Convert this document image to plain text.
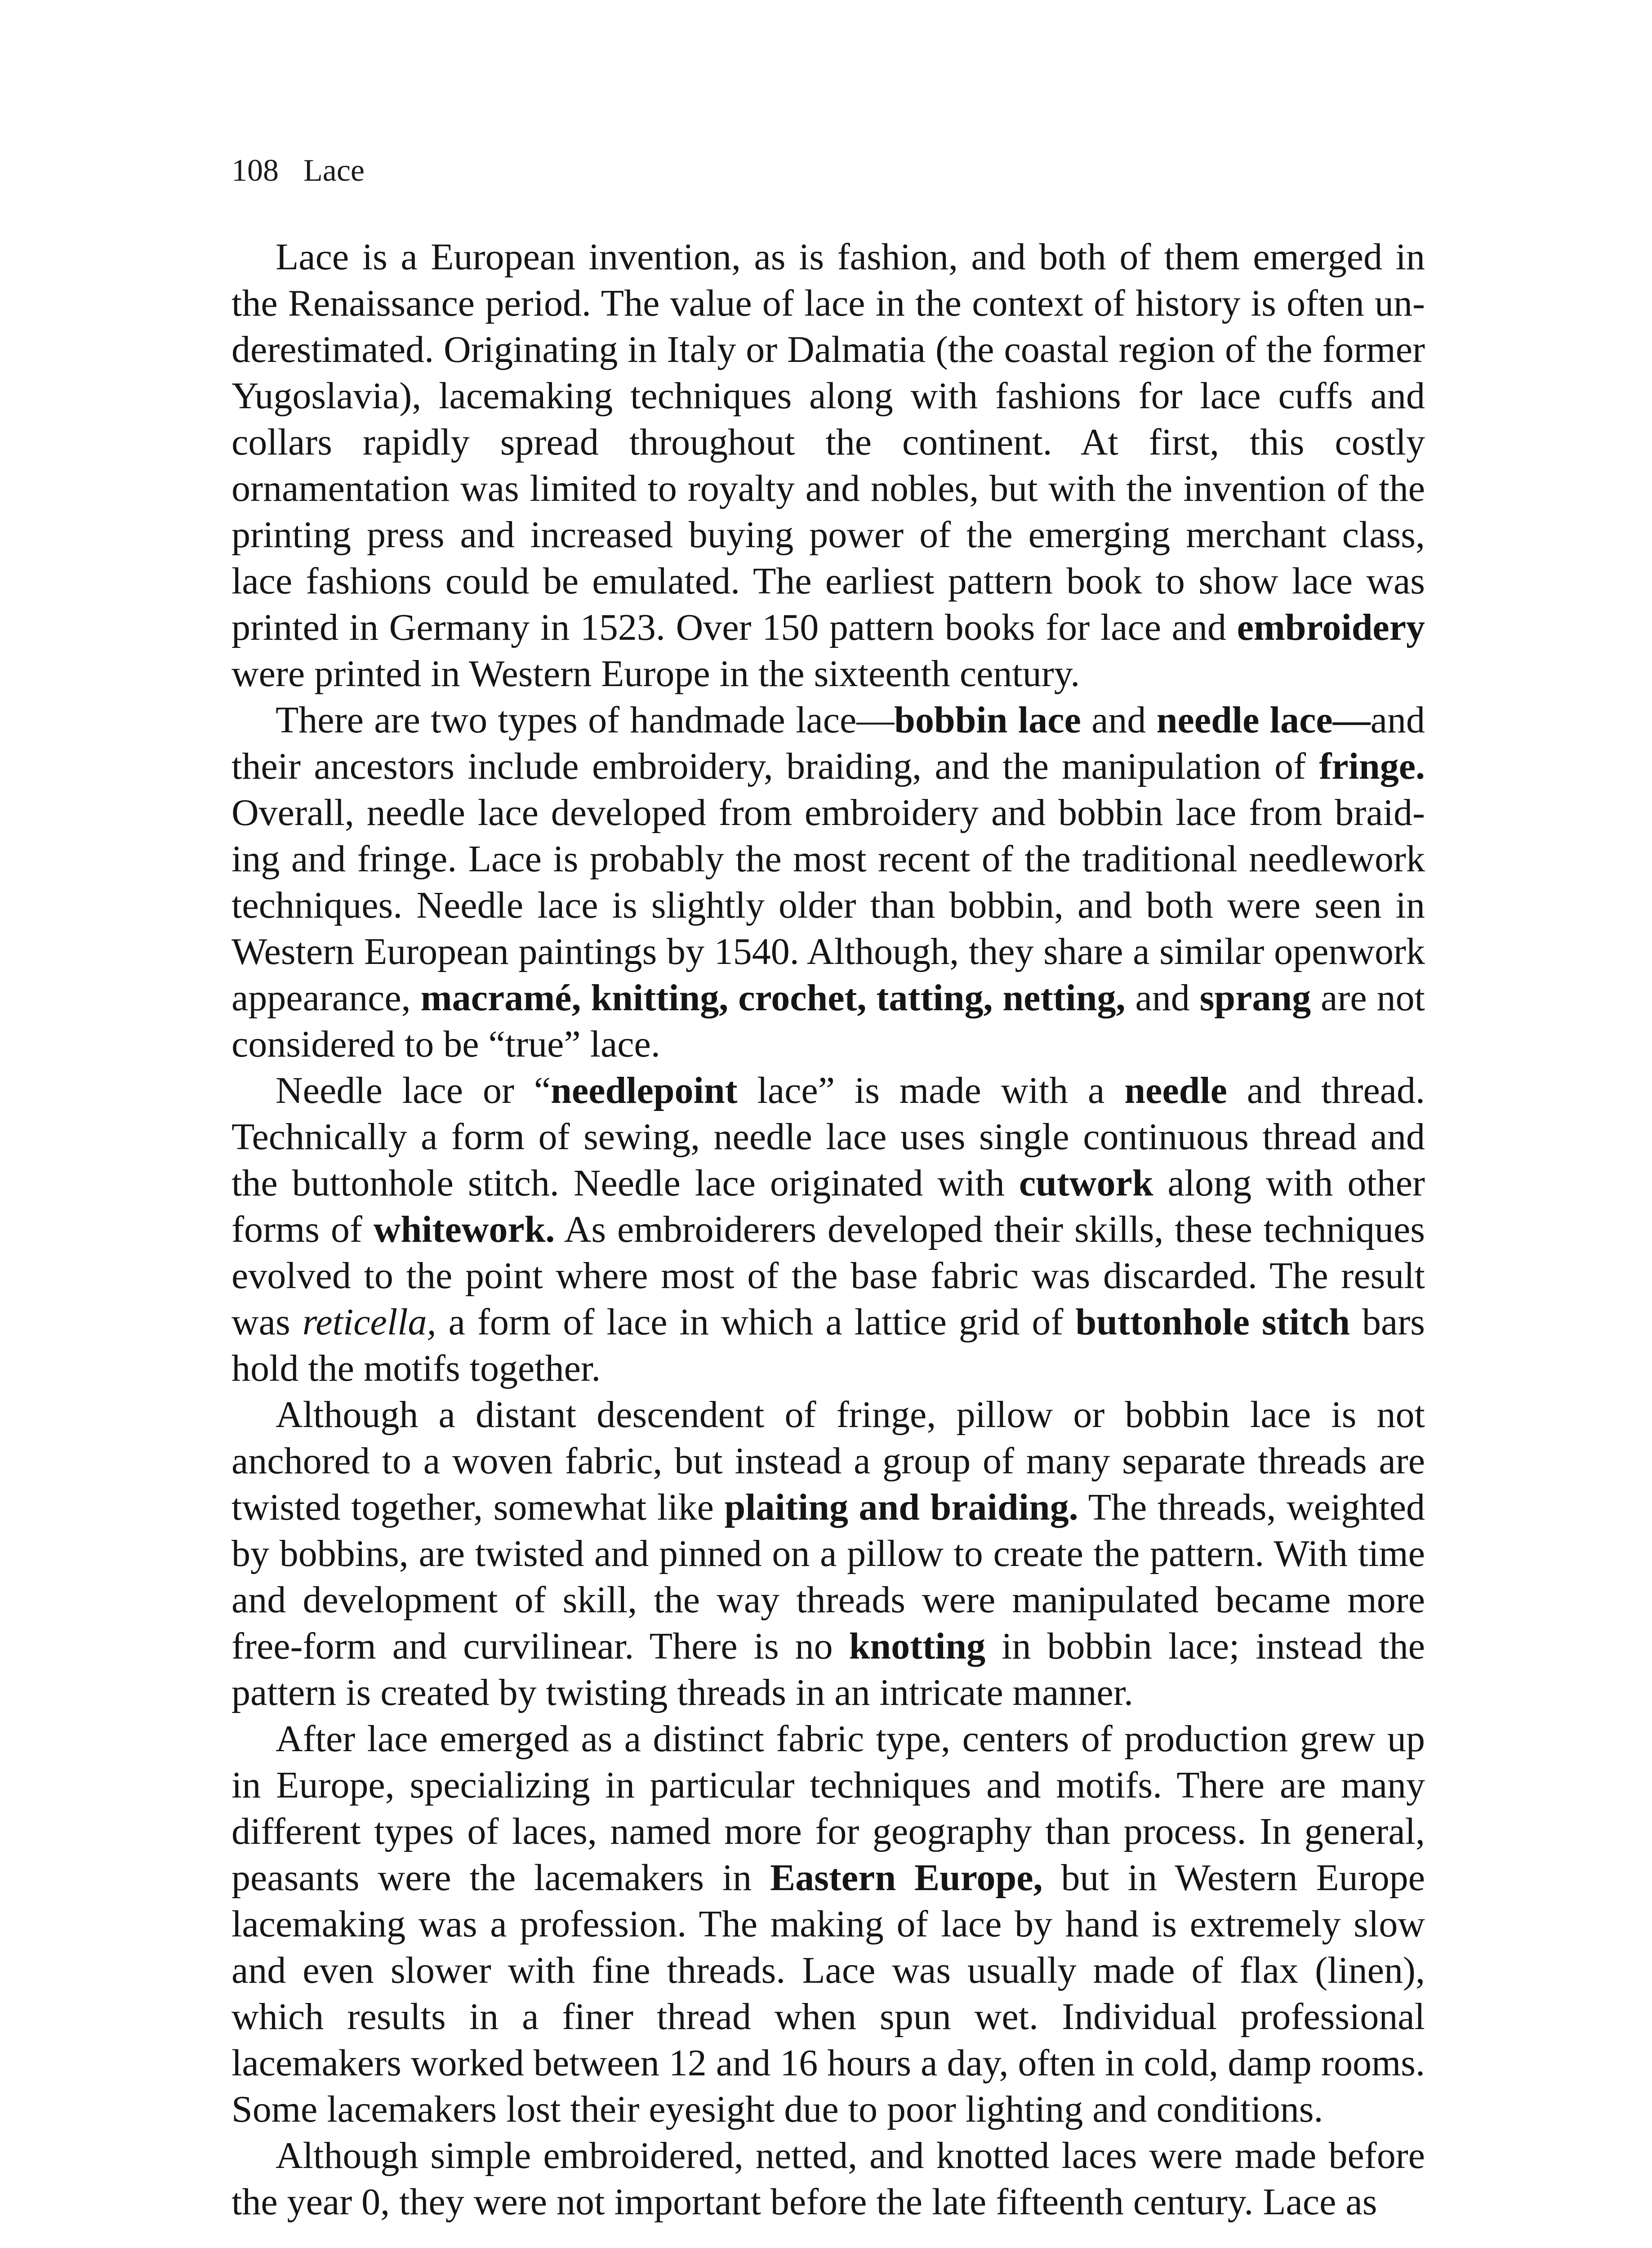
108 Lace

Lace is a European invention, as is fashion, and both of them emerged in the Renaissance period. The value of lace in the context of history is often underestimated. Originating in Italy or Dalmatia (the coastal region of the former Yugoslavia), lacemaking techniques along with fashions for lace cuffs and collars rapidly spread throughout the continent. At first, this costly ornamentation was limited to royalty and nobles, but with the invention of the printing press and increased buying power of the emerging merchant class, lace fashions could be emulated. The earliest pattern book to show lace was printed in Germany in 1523. Over 150 pattern books for lace and embroidery were printed in Western Europe in the sixteenth century.

There are two types of handmade lace—bobbin lace and needle lace—and their ancestors include embroidery, braiding, and the manipulation of fringe. Overall, needle lace developed from embroidery and bobbin lace from braiding and fringe. Lace is probably the most recent of the traditional needlework techniques. Needle lace is slightly older than bobbin, and both were seen in Western European paintings by 1540. Although, they share a similar openwork appearance, macramé, knitting, crochet, tatting, netting, and sprang are not considered to be “true” lace.

Needle lace or “needlepoint lace” is made with a needle and thread. Technically a form of sewing, needle lace uses single continuous thread and the buttonhole stitch. Needle lace originated with cutwork along with other forms of whitework. As embroiderers developed their skills, these techniques evolved to the point where most of the base fabric was discarded. The result was reticella, a form of lace in which a lattice grid of buttonhole stitch bars hold the motifs together.

Although a distant descendent of fringe, pillow or bobbin lace is not anchored to a woven fabric, but instead a group of many separate threads are twisted together, somewhat like plaiting and braiding. The threads, weighted by bobbins, are twisted and pinned on a pillow to create the pattern. With time and development of skill, the way threads were manipulated became more free-form and curvilinear. There is no knotting in bobbin lace; instead the pattern is created by twisting threads in an intricate manner.

After lace emerged as a distinct fabric type, centers of production grew up in Europe, specializing in particular techniques and motifs. There are many different types of laces, named more for geography than process. In general, peasants were the lacemakers in Eastern Europe, but in Western Europe lacemaking was a profession. The making of lace by hand is extremely slow and even slower with fine threads. Lace was usually made of flax (linen), which results in a finer thread when spun wet. Individual professional lacemakers worked between 12 and 16 hours a day, often in cold, damp rooms. Some lacemakers lost their eyesight due to poor lighting and conditions.

Although simple embroidered, netted, and knotted laces were made before the year 0, they were not important before the late fifteenth century. Lace as
